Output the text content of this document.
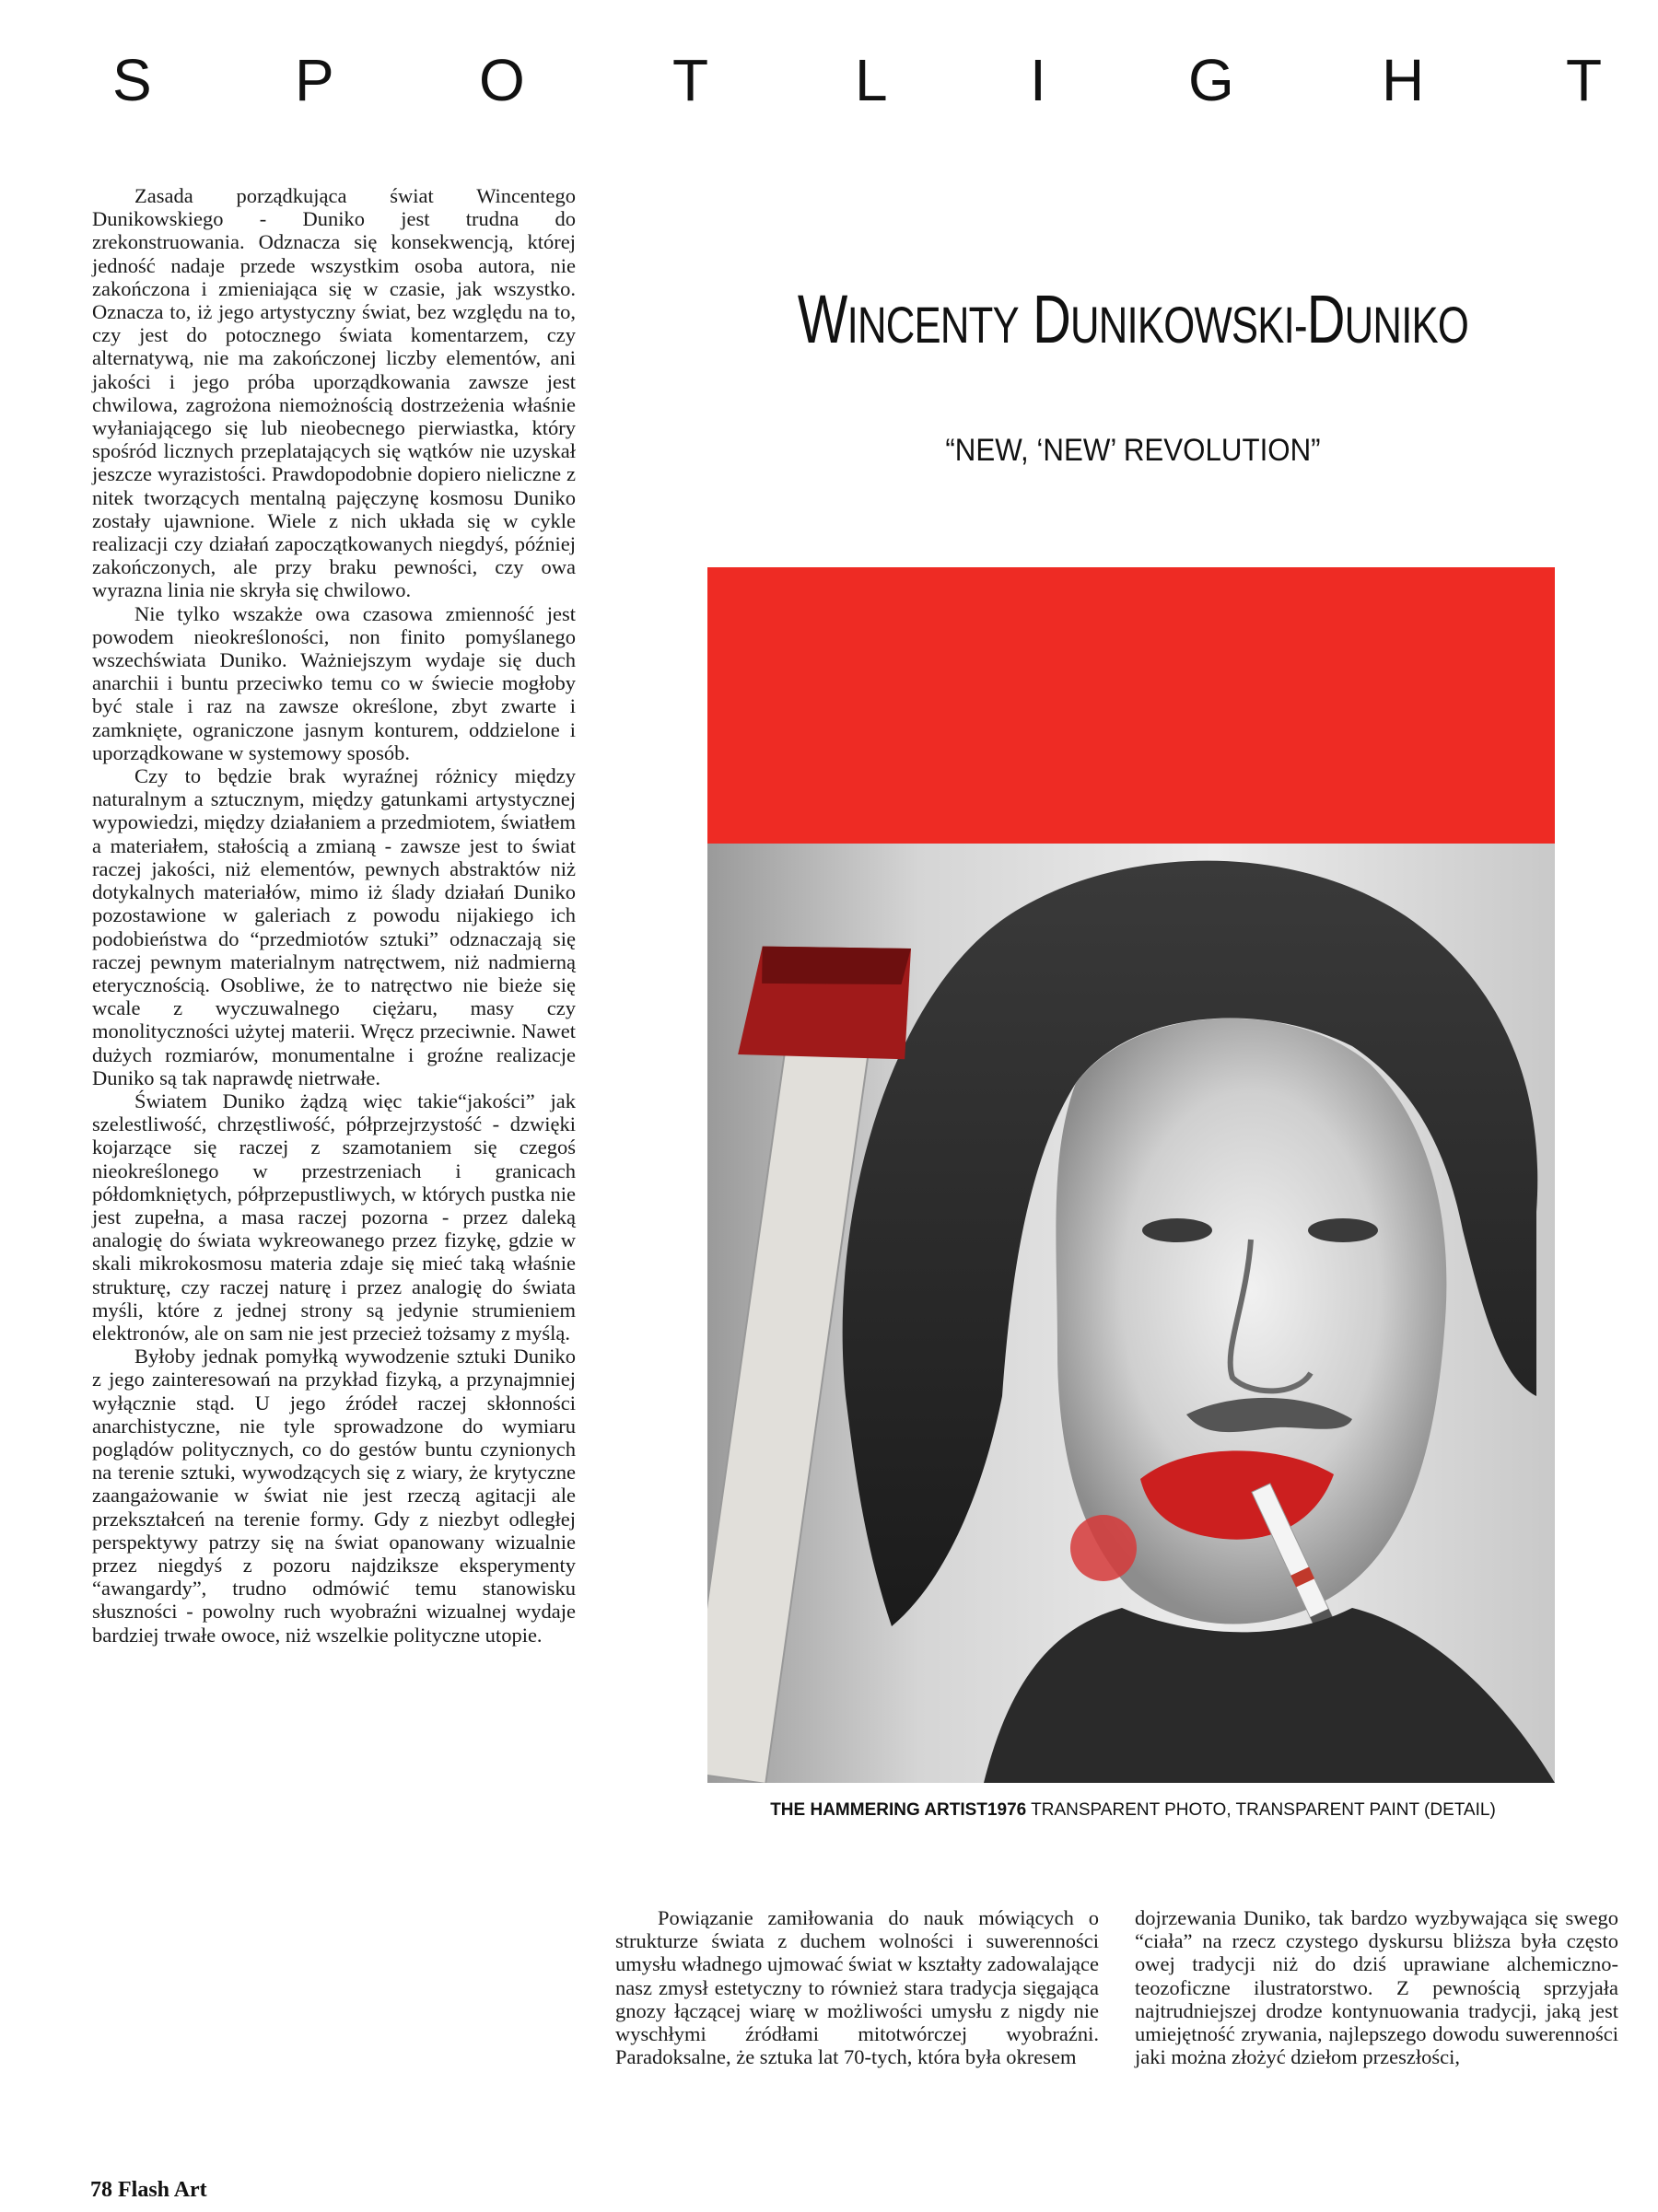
S P O	T L I G	H T

Zasada porządkująca świat Wincentego Dunikowskiego - Duniko jest trudna do zrekonstruowania. Odznacza się konsekwencją, której jedność nadaje przede wszystkim osoba autora, nie zakończona i zmieniająca się w czasie, jak wszystko. Oznacza to, iż jego artystyczny świat, bez względu na to, czy jest do potocznego świata komentarzem, czy alternatywą, nie ma zakończonej liczby elementów, ani jakości i jego próba uporządkowania zawsze jest chwilowa, zagrożona niemożnością dostrzeżenia właśnie wyłaniającego się lub nieobecnego pierwiastka, który spośród licznych przeplatających się wątków nie uzyskał jeszcze wyrazistości. Prawdopodobnie dopiero nieliczne z nitek tworzących mentalną pajęczynę kosmosu Duniko zostały ujawnione. Wiele z nich układa się w cykle realizacji czy działań zapoczątkowanych niegdyś, później zakończonych, ale przy braku pewności, czy owa wyrazna linia nie skryła się chwilowo.

Nie tylko wszakże owa czasowa zmienność jest powodem nieokreśloności, non finito pomyślanego wszechświata Duniko. Ważniejszym wydaje się duch anarchii i buntu przeciwko temu co w świecie mogłoby być stale i raz na zawsze określone, zbyt zwarte i zamknięte, ograniczone jasnym konturem, oddzielone i uporządkowane w systemowy sposób.

Czy to będzie brak wyraźnej różnicy między naturalnym a sztucznym, między gatunkami artystycznej wypowiedzi, między działaniem a przedmiotem, światłem a materiałem, stałością a zmianą - zawsze jest to świat raczej jakości, niż elementów, pewnych abstraktów niż dotykalnych materiałów, mimo iż ślady działań Duniko pozostawione w galeriach z powodu nijakiego ich podobieństwa do “przedmiotów sztuki” odznaczają się raczej pewnym materialnym natręctwem, niż nadmierną eterycznością. Osobliwe, że to natręctwo nie bieże się wcale z wyczuwalnego ciężaru, masy czy monolityczności użytej materii. Wręcz przeciwnie. Nawet dużych rozmiarów, monumentalne i groźne realizacje Duniko są tak naprawdę nietrwałe.

Światem Duniko żądzą więc takie“jakości” jak szelestliwość, chrzęstliwość, półprzejrzystość - dzwięki kojarzące się raczej z szamotaniem się czegoś nieokreślonego w przestrzeniach i granicach półdomkniętych, półprzepustliwych, w których pustka nie jest zupełna, a masa raczej pozorna - przez daleką analogię do świata wykreowanego przez fizykę, gdzie w skali mikrokosmosu materia zdaje się mieć taką właśnie strukturę, czy raczej naturę i przez analogię do świata myśli, które z jednej strony są jedynie strumieniem elektronów, ale on sam nie jest przecież tożsamy z myślą.

Byłoby jednak pomyłką wywodzenie sztuki Duniko z jego zainteresowań na przykład fizyką, a przynajmniej wyłącznie stąd. U jego źródeł raczej skłonności anarchistyczne, nie tyle sprowadzone do wymiaru poglądów politycznych, co do gestów buntu czynionych na terenie sztuki, wywodzących się z wiary, że krytyczne zaangażowanie w świat nie jest rzeczą agitacji ale przekształceń na terenie formy. Gdy z niezbyt odległej perspektywy patrzy się na świat opanowany wizualnie przez niegdyś z pozoru najdziksze eksperymenty “awangardy”, trudno odmówić temu stanowisku słuszności - powolny ruch wyobraźni wizualnej wydaje bardziej trwałe owoce, niż wszelkie polityczne utopie.

WINCENTY DUNIKOWSKI-DUNIKO
“NEW, ‘NEW’ REVOLUTION”
THE HAMMERING ARTIST1976 TRANSPARENT PHOTO, TRANSPARENT PAINT (DETAIL)

Powiązanie zamiłowania do nauk mówiących o strukturze świata z duchem wolności i suwerenności umysłu władnego ujmować świat w kształty zadowalające nasz zmysł estetyczny to również stara tradycja sięgająca gnozy łączącej wiarę w możliwości umysłu z nigdy nie wyschłymi źródłami mitotwórczej wyobraźni. Paradoksalne, że sztuka lat 70-tych, która była okresem

dojrzewania Duniko, tak bardzo wyzbywająca się swego “ciała” na rzecz czystego dyskursu bliższa była często owej tradycji niż do dziś uprawiane alchemiczno-teozoficzne ilustratorstwo. Z pewnością sprzyjała najtrudniejszej drodze kontynuowania tradycji, jaką jest umiejętność zrywania, najlepszego dowodu suwerenności jaki można złożyć dziełom przeszłości,

78 Flash Art
